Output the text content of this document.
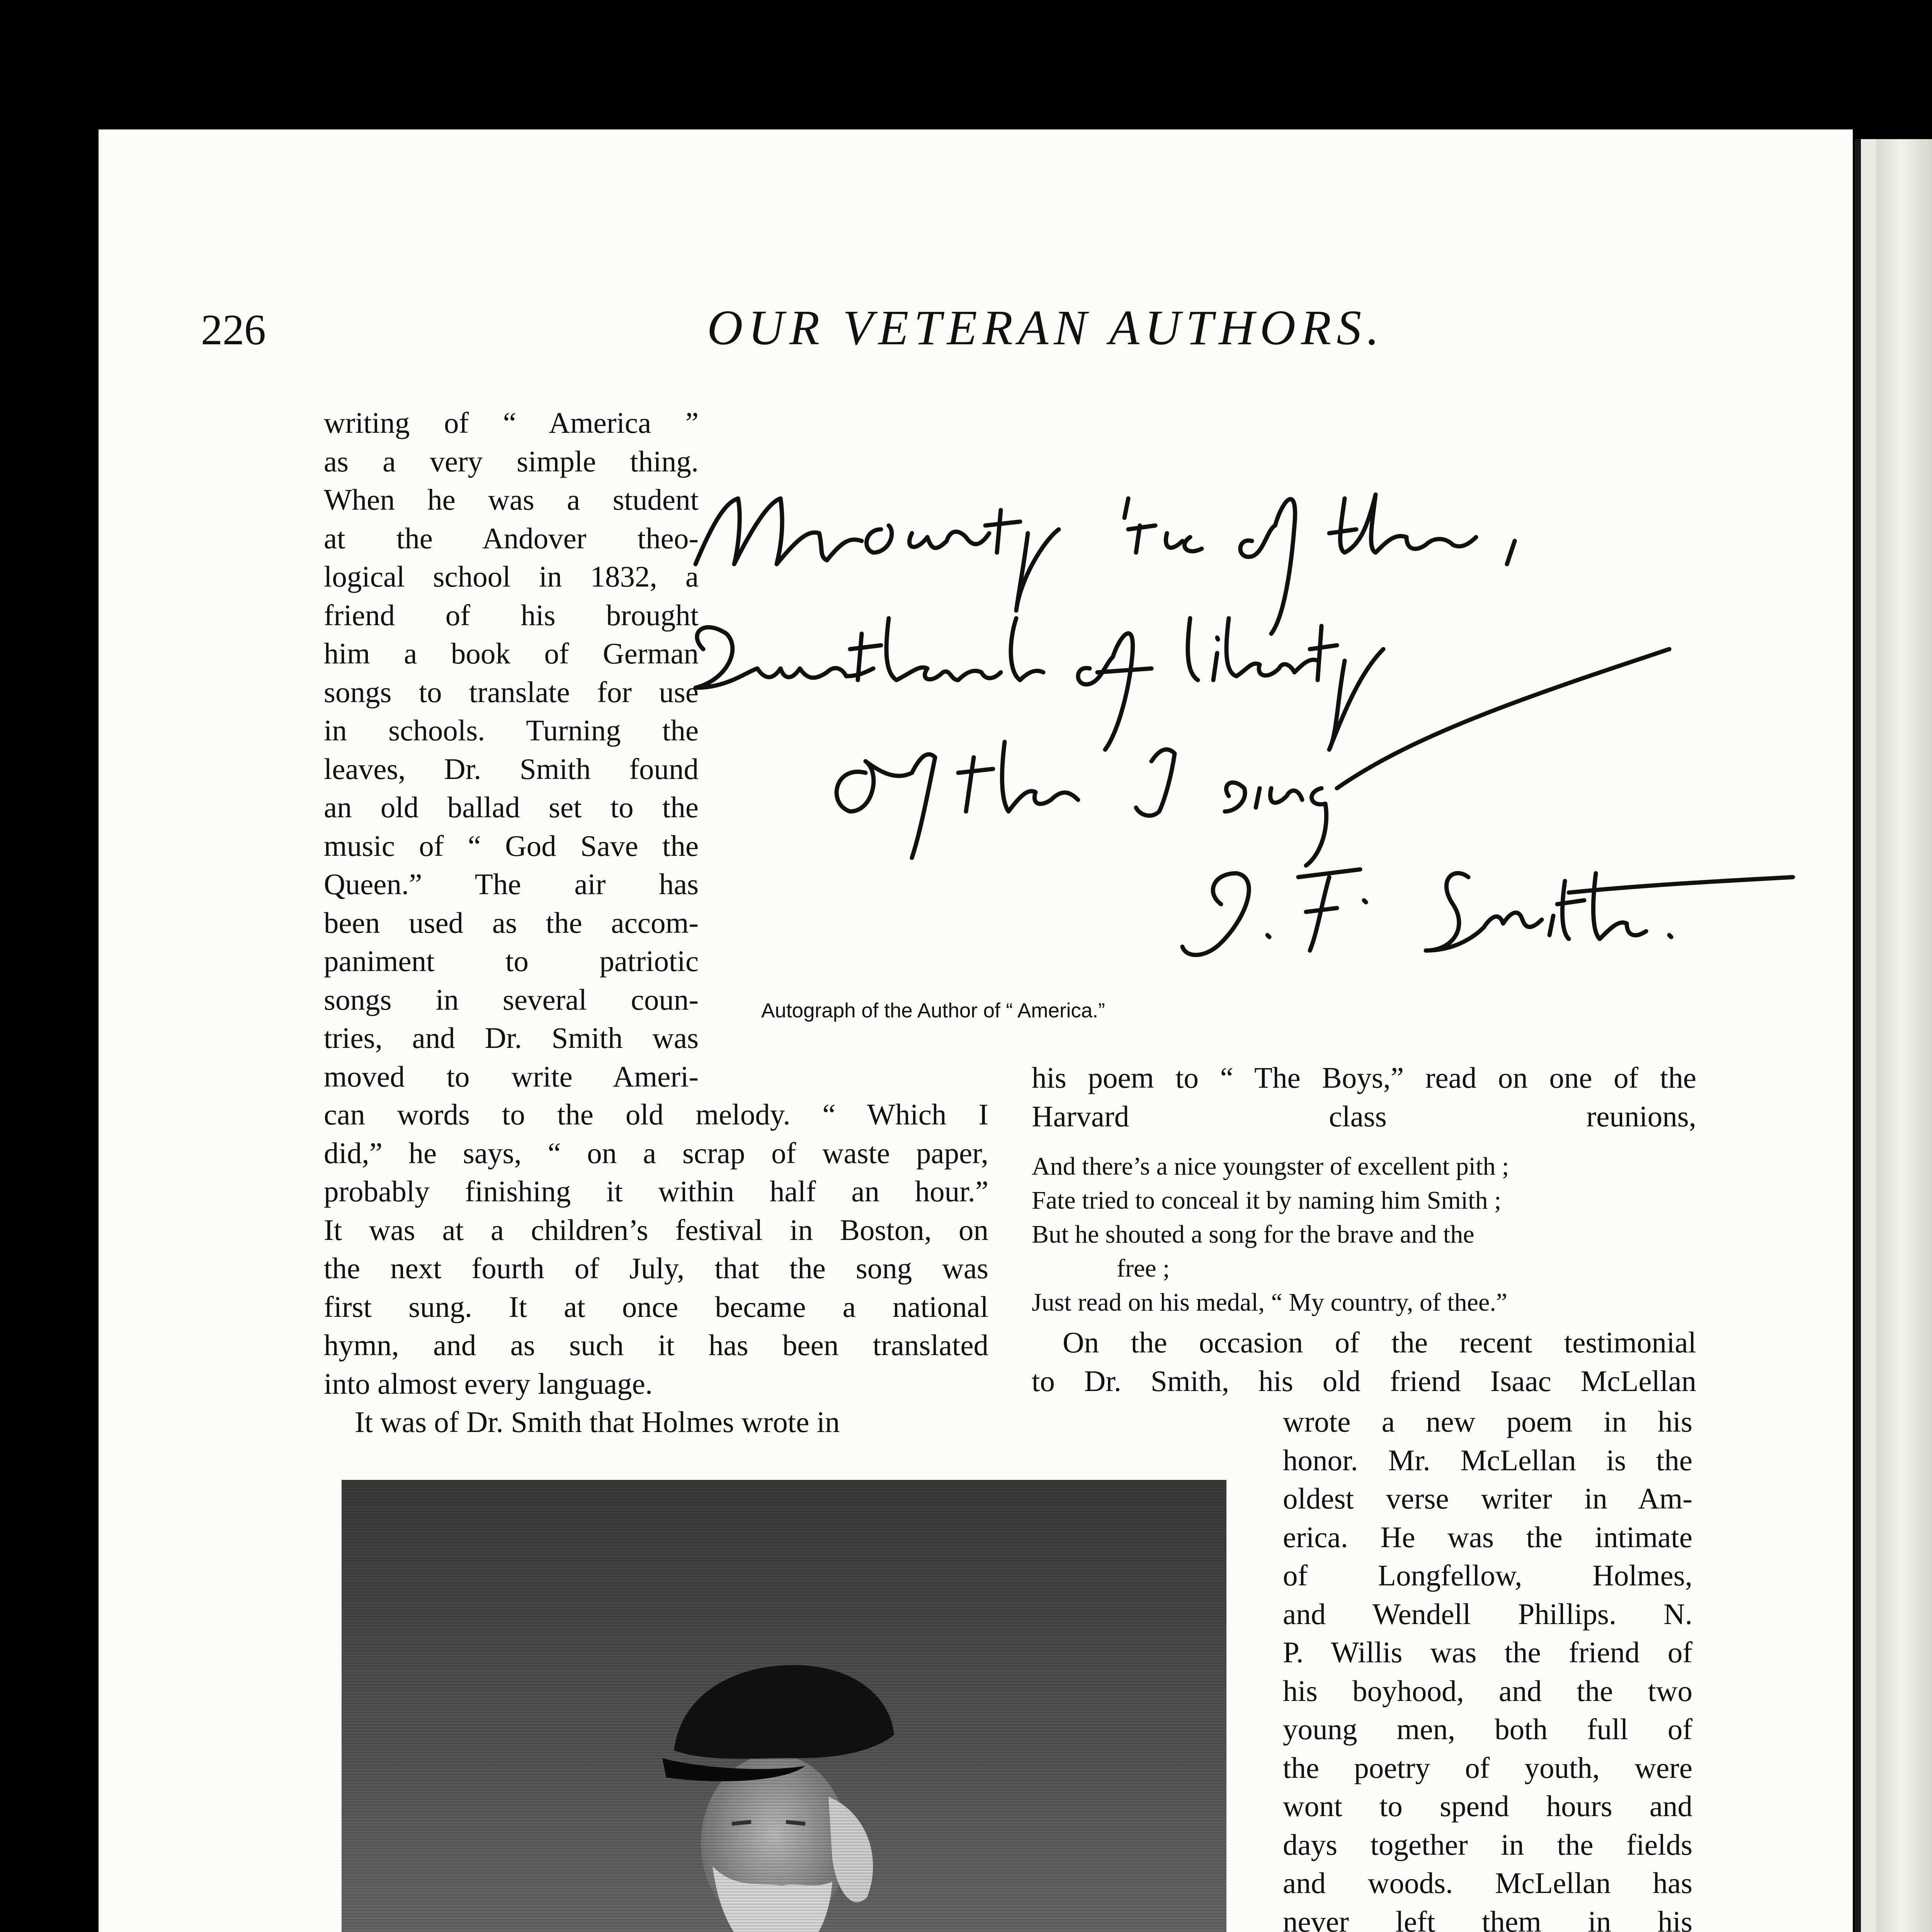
226	OUR VETERAN AUTHORS.
Autograph of the Author of “ America.”
writing of “ America ”
as a very simple thing.
When he was a student
at the Andover theo-
logical school in 1832, a
friend of his brought
him a book of German
songs to translate for use
in schools. Turning the
leaves, Dr. Smith found
an old ballad set to the
music of “ God Save the
Queen.” The air has
been used as the accom-
paniment to patriotic
songs in several coun-
tries, and Dr. Smith was
moved to write Ameri-
can words to the old melody. “ Which I
did,” he says, “ on a scrap of waste paper,
probably finishing it within half an hour.”
It was at a children’s festival in Boston, on
the next fourth of July, that the song was
first sung. It at once became a national
hymn, and as such it has been translated
into almost every language.
It was of Dr. Smith that Holmes wrote in
his poem to “ The Boys,” read on one of the
Harvard class reunions,
And there’s a nice youngster of excellent pith ;
Fate tried to conceal it by naming him Smith ;
But he shouted a song for the brave and the
free ;
Just read on his medal, “ My country, of thee.”
On the occasion of the recent testimonial
to Dr. Smith, his old friend Isaac McLellan
wrote a new poem in his
honor. Mr. McLellan is the
oldest verse writer in Am-
erica. He was the intimate
of Longfellow, Holmes,
and Wendell Phillips. N.
P. Willis was the friend of
his boyhood, and the two
young men, both full of
the poetry of youth, were
wont to spend hours and
days together in the fields
and woods. McLellan has
never left them in his
